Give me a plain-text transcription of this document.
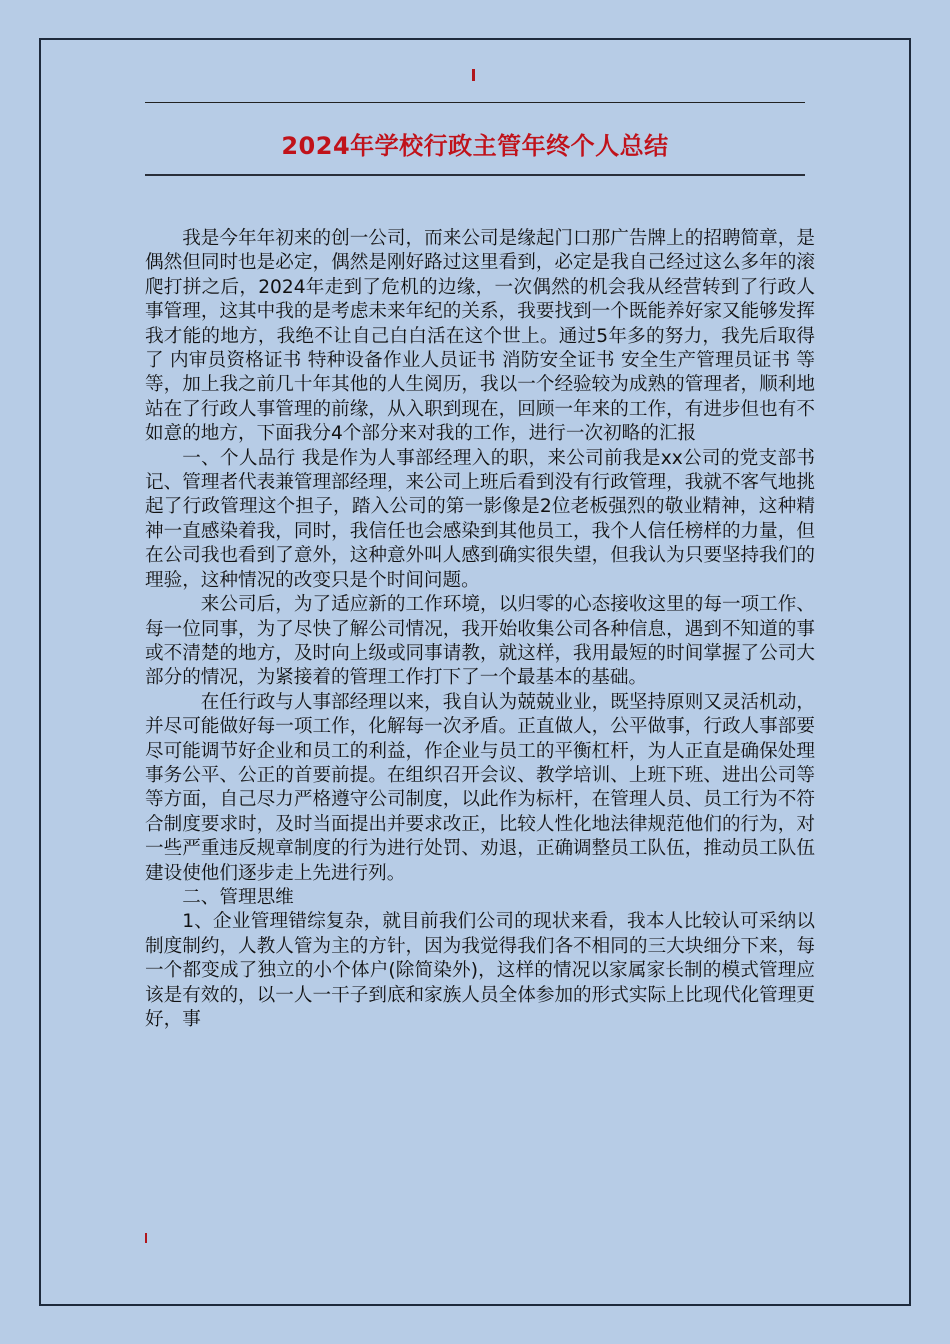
2024年学校行政主管年终个人总结

我是今年年初来的创一公司，而来公司是缘起门口那广告牌上的招聘简章，是偶然但同时也是必定，偶然是刚好路过这里看到，必定是我自己经过这么多年的滚爬打拼之后，2024年走到了危机的边缘，一次偶然的机会我从经营转到了行政人事管理，这其中我的是考虑未来年纪的关系，我要找到一个既能养好家又能够发挥我才能的地方，我绝不让自己白白活在这个世上。通过5年多的努力，我先后取得了 内审员资格证书 特种设备作业人员证书 消防安全证书 安全生产管理员证书 等等，加上我之前几十年其他的人生阅历，我以一个经验较为成熟的管理者，顺利地站在了行政人事管理的前缘，从入职到现在，回顾一年来的工作，有进步但也有不如意的地方，下面我分4个部分来对我的工作，进行一次初略的汇报

一、个人品行 我是作为人事部经理入的职，来公司前我是xx公司的党支部书记、管理者代表兼管理部经理，来公司上班后看到没有行政管理，我就不客气地挑起了行政管理这个担子，踏入公司的第一影像是2位老板强烈的敬业精神，这种精神一直感染着我，同时，我信任也会感染到其他员工，我个人信任榜样的力量，但在公司我也看到了意外，这种意外叫人感到确实很失望，但我认为只要坚持我们的理验，这种情况的改变只是个时间问题。

来公司后，为了适应新的工作环境，以归零的心态接收这里的每一项工作、每一位同事，为了尽快了解公司情况，我开始收集公司各种信息，遇到不知道的事或不清楚的地方，及时向上级或同事请教，就这样，我用最短的时间掌握了公司大部分的情况，为紧接着的管理工作打下了一个最基本的基础。

在任行政与人事部经理以来，我自认为兢兢业业，既坚持原则又灵活机动，并尽可能做好每一项工作，化解每一次矛盾。正直做人，公平做事，行政人事部要尽可能调节好企业和员工的利益，作企业与员工的平衡杠杆，为人正直是确保处理事务公平、公正的首要前提。在组织召开会议、教学培训、上班下班、进出公司等等方面，自己尽力严格遵守公司制度，以此作为标杆，在管理人员、员工行为不符合制度要求时，及时当面提出并要求改正，比较人性化地法律规范他们的行为，对一些严重违反规章制度的行为进行处罚、劝退，正确调整员工队伍，推动员工队伍建设使他们逐步走上先进行列。

二、管理思维

1、企业管理错综复杂，就目前我们公司的现状来看，我本人比较认可采纳以制度制约，人教人管为主的方针，因为我觉得我们各不相同的三大块细分下来，每一个都变成了独立的小个体户(除简染外)，这样的情况以家属家长制的模式管理应该是有效的，以一人一干子到底和家族人员全体参加的形式实际上比现代化管理更好，事
